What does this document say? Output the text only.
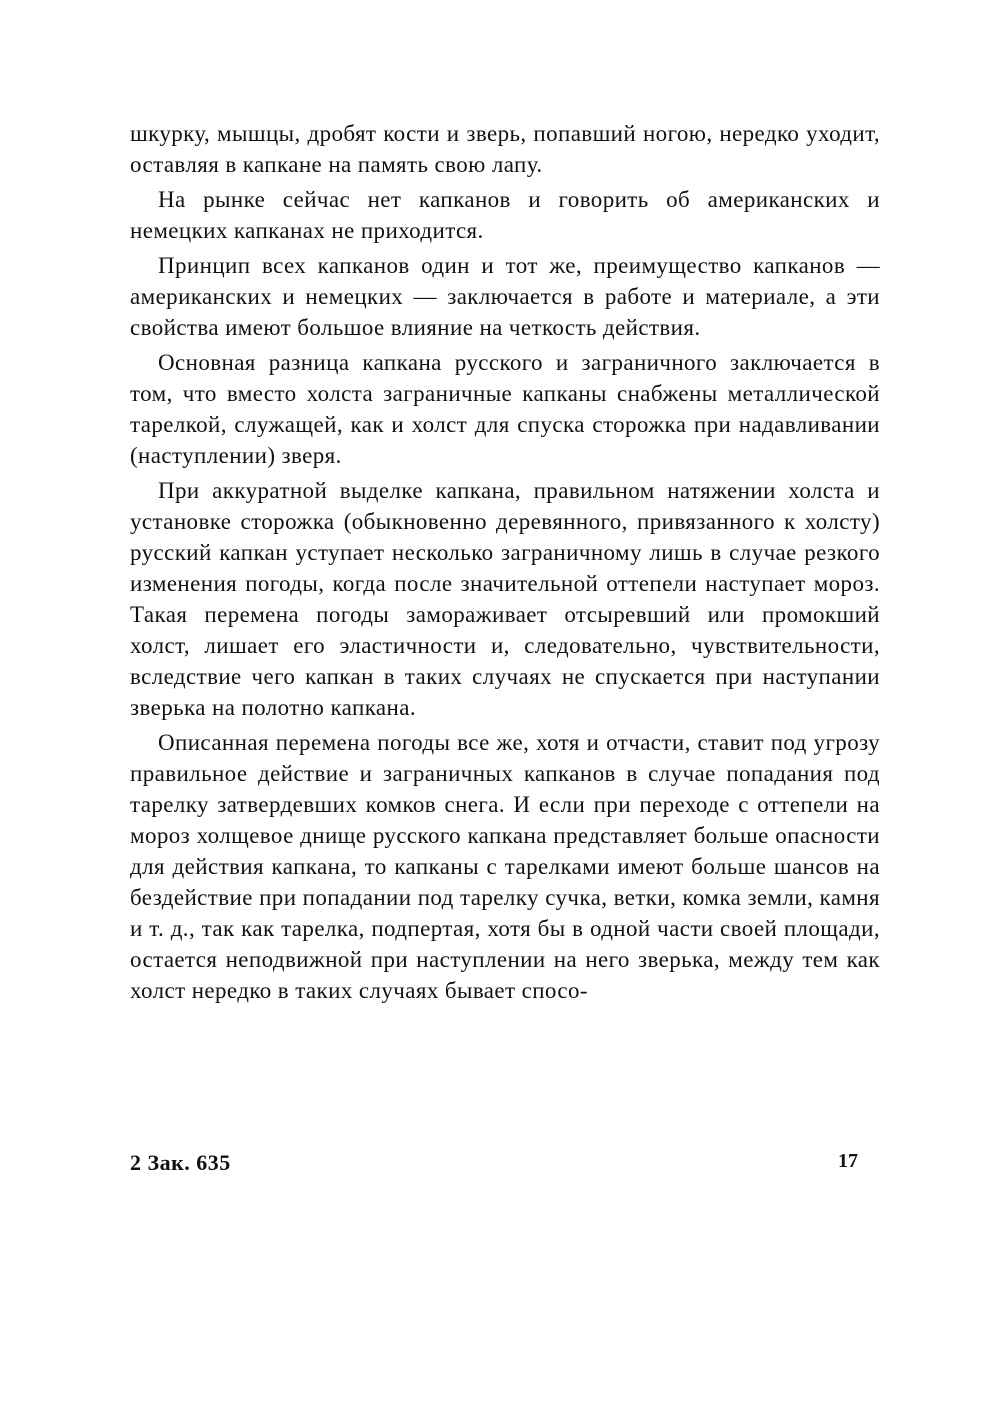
шкурку, мышцы, дробят кости и зверь, попавший ногою, нередко уходит, оставляя в капкане на память свою лапу.

На рынке сейчас нет капканов и говорить об американских и немецких капканах не приходится.

Принцип всех капканов один и тот же, преимущество капканов — американских и немецких — заключается в работе и материале, а эти свойства имеют большое влияние на четкость действия.

Основная разница капкана русского и заграничного заключается в том, что вместо холста заграничные капканы снабжены металлической тарелкой, служащей, как и холст для спуска сторожка при надавливании (наступлении) зверя.

При аккуратной выделке капкана, правильном натяжении холста и установке сторожка (обыкновенно деревянного, привязанного к холсту) русский капкан уступает несколько заграничному лишь в случае резкого изменения погоды, когда после значительной оттепели наступает мороз. Такая перемена погоды замораживает отсыревший или промокший холст, лишает его эластичности и, следовательно, чувствительности, вследствие чего капкан в таких случаях не спускается при наступании зверька на полотно капкана.

Описанная перемена погоды все же, хотя и отчасти, ставит под угрозу правильное действие и заграничных капканов в случае попадания под тарелку затвердевших комков снега. И если при переходе с оттепели на мороз холщевое днище русского капкана представляет больше опасности для действия капкана, то капканы с тарелками имеют больше шансов на бездействие при попадании под тарелку сучка, ветки, комка земли, камня и т. д., так как тарелка, подпертая, хотя бы в одной части своей площади, остается неподвижной при наступлении на него зверька, между тем как холст нередко в таких случаях бывает спосо-

2 Зак. 635	17
